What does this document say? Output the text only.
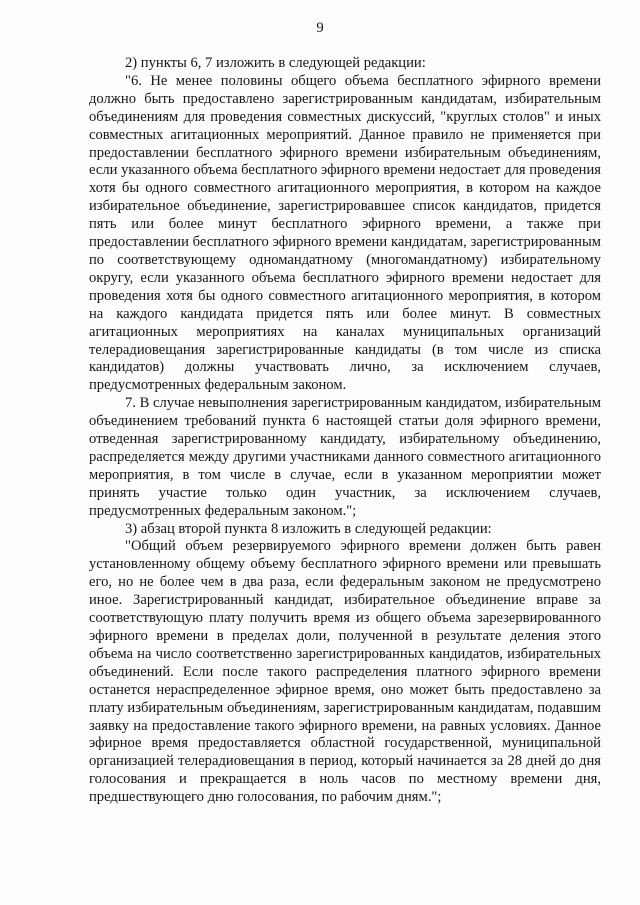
9

2) пункты 6, 7 изложить в следующей редакции:

"6. Не менее половины общего объема бесплатного эфирного времени должно быть предоставлено зарегистрированным кандидатам, избирательным объединениям для проведения совместных дискуссий, "круглых столов" и иных совместных агитационных мероприятий. Данное правило не применяется при предоставлении бесплатного эфирного времени избирательным объединениям, если указанного объема бесплатного эфирного времени недостает для проведения хотя бы одного совместного агитационного мероприятия, в котором на каждое избирательное объединение, зарегистрировавшее список кандидатов, придется пять или более минут бесплатного эфирного времени, а также при предоставлении бесплатного эфирного времени кандидатам, зарегистрированным по соответствующему одномандатному (многомандатному) избирательному округу, если указанного объема бесплатного эфирного времени недостает для проведения хотя бы одного совместного агитационного мероприятия, в котором на каждого кандидата придется пять или более минут. В совместных агитационных мероприятиях на каналах муниципальных организаций телерадиовещания зарегистрированные кандидаты (в том числе из списка кандидатов) должны участвовать лично, за исключением случаев, предусмотренных федеральным законом.

7. В случае невыполнения зарегистрированным кандидатом, избирательным объединением требований пункта 6 настоящей статьи доля эфирного времени, отведенная зарегистрированному кандидату, избирательному объединению, распределяется между другими участниками данного совместного агитационного мероприятия, в том числе в случае, если в указанном мероприятии может принять участие только один участник, за исключением случаев, предусмотренных федеральным законом.";

3) абзац второй пункта 8 изложить в следующей редакции:

"Общий объем резервируемого эфирного времени должен быть равен установленному общему объему бесплатного эфирного времени или превышать его, но не более чем в два раза, если федеральным законом не предусмотрено иное. Зарегистрированный кандидат, избирательное объединение вправе за соответствующую плату получить время из общего объема зарезервированного эфирного времени в пределах доли, полученной в результате деления этого объема на число соответственно зарегистрированных кандидатов, избирательных объединений. Если после такого распределения платного эфирного времени останется нераспределенное эфирное время, оно может быть предоставлено за плату избирательным объединениям, зарегистрированным кандидатам, подавшим заявку на предоставление такого эфирного времени, на равных условиях. Данное эфирное время предоставляется областной государственной, муниципальной организацией телерадиовещания в период, который начинается за 28 дней до дня голосования и прекращается в ноль часов по местному времени дня, предшествующего дню голосования, по рабочим дням.";
